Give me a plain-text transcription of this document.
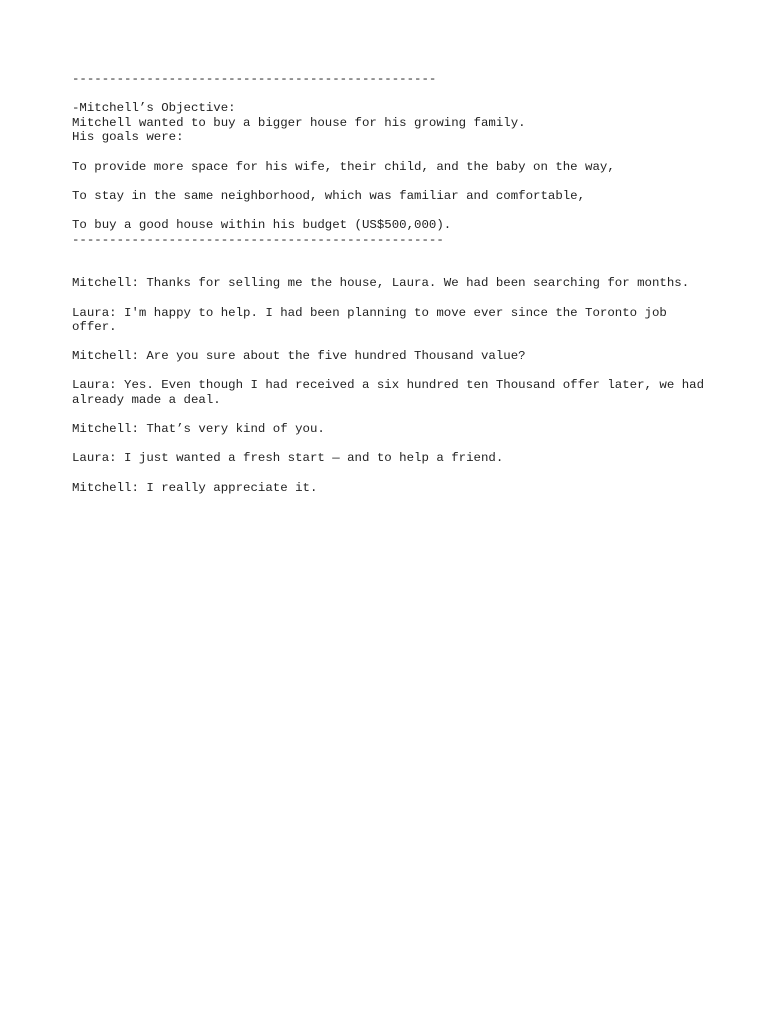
-------------------------------------------------

-Mitchell’s Objective:

Mitchell wanted to buy a bigger house for his growing family.

His goals were:

To provide more space for his wife, their child, and the baby on the way,

To stay in the same neighborhood, which was familiar and comfortable,

To buy a good house within his budget (US$500,000).

--------------------------------------------------

Mitchell: Thanks for selling me the house, Laura. We had been searching for months.

Laura: I'm happy to help. I had been planning to move ever since the Toronto job offer.

Mitchell: Are you sure about the five hundred Thousand value?

Laura: Yes. Even though I had received a six hundred ten Thousand offer later, we had already made a deal.

Mitchell: That’s very kind of you.

Laura: I just wanted a fresh start — and to help a friend.

Mitchell: I really appreciate it.
